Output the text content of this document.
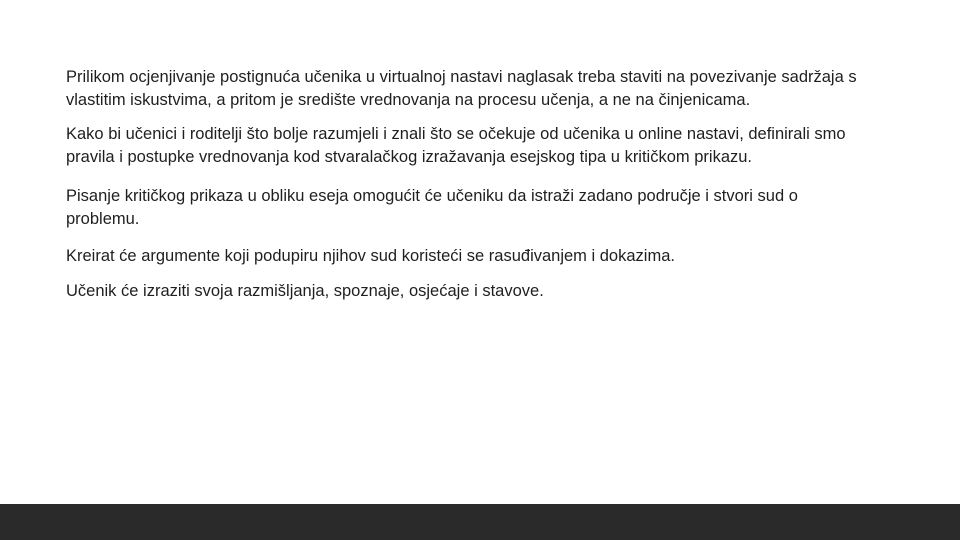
Prilikom ocjenjivanje postignuća učenika u virtualnoj nastavi naglasak treba staviti na povezivanje sadržaja s vlastitim iskustvima, a pritom je središte vrednovanja na procesu učenja, a ne na činjenicama.

Kako bi učenici i roditelji što bolje razumjeli i znali što se očekuje od učenika u online nastavi, definirali smo pravila i postupke vrednovanja kod stvaralačkog izražavanja esejskog tipa u kritičkom prikazu.

Pisanje kritičkog prikaza u obliku eseja omogućit će učeniku da istraži zadano područje i stvori sud o problemu.

Kreirat će argumente koji podupiru njihov sud koristeći se rasuđivanjem i dokazima.

Učenik će izraziti svoja razmišljanja, spoznaje, osjećaje i stavove.
